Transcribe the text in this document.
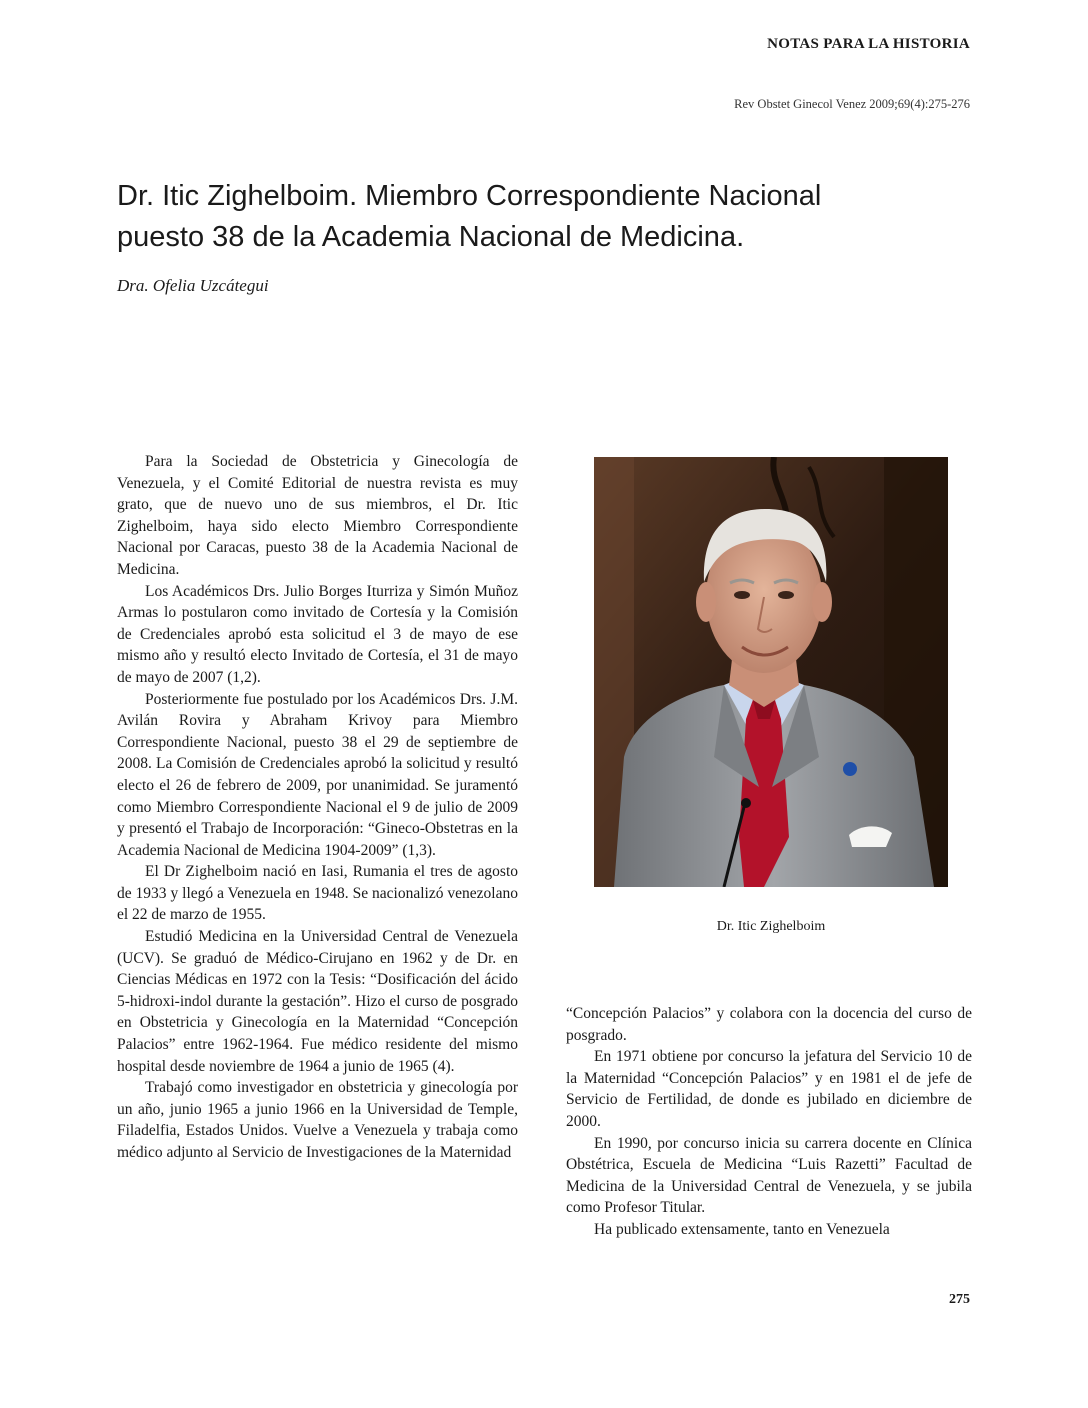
NOTAS PARA LA HISTORIA
Rev Obstet Ginecol Venez 2009;69(4):275-276
Dr. Itic Zighelboim. Miembro Correspondiente Nacional
puesto 38 de la Academia Nacional de Medicina.
Dra. Ofelia Uzcátegui

Para la Sociedad de Obstetricia y Ginecología de Venezuela, y el Comité Editorial de nuestra revista es muy grato, que de nuevo uno de sus miembros, el Dr. Itic Zighelboim, haya sido electo Miembro Correspondiente Nacional por Caracas, puesto 38 de la Academia Nacional de Medicina.

Los Académicos Drs. Julio Borges Iturriza y Simón Muñoz Armas lo postularon como invitado de Cortesía y la Comisión de Credenciales aprobó esta solicitud el 3 de mayo de ese mismo año y resultó electo Invitado de Cortesía, el 31 de mayo de mayo de 2007 (1,2).

Posteriormente fue postulado por los Académicos Drs. J.M. Avilán Rovira y Abraham Krivoy para Miembro Correspondiente Nacional, puesto 38 el 29 de septiembre de 2008. La Comisión de Credenciales aprobó la solicitud y resultó electo el 26 de febrero de 2009, por unanimidad. Se juramentó como Miembro Correspondiente Nacional el 9 de julio de 2009 y presentó el Trabajo de Incorporación: “Gineco-Obstetras en la Academia Nacional de Medicina 1904-2009” (1,3).

El Dr Zighelboim nació en Iasi, Rumania el tres de agosto de 1933 y llegó a Venezuela en 1948. Se nacionalizó venezolano el 22 de marzo de 1955.

Estudió Medicina en la Universidad Central de Venezuela (UCV). Se graduó de Médico-Cirujano en 1962 y de Dr. en Ciencias Médicas en 1972 con la Tesis: “Dosificación del ácido 5-hidroxi-indol durante la gestación”. Hizo el curso de posgrado en Obstetricia y Ginecología en la Maternidad “Concepción Palacios” entre 1962-1964. Fue médico residente del mismo hospital desde noviembre de 1964 a junio de 1965 (4).

Trabajó como investigador en obstetricia y ginecología por un año, junio 1965 a junio 1966 en la Universidad de Temple, Filadelfia, Estados Unidos. Vuelve a Venezuela y trabaja como médico adjunto al Servicio de Investigaciones de la Maternidad

Dr. Itic Zighelboim

“Concepción Palacios” y colabora con la docencia del curso de posgrado.

En 1971 obtiene por concurso la jefatura del Servicio 10 de la Maternidad “Concepción Palacios” y en 1981 el de jefe de Servicio de Fertilidad, de donde es jubilado en diciembre de 2000.

En 1990, por concurso inicia su carrera docente en Clínica Obstétrica, Escuela de Medicina “Luis Razetti” Facultad de Medicina de la Universidad Central de Venezuela, y se jubila como Profesor Titular.

Ha publicado extensamente, tanto en Venezuela

275
